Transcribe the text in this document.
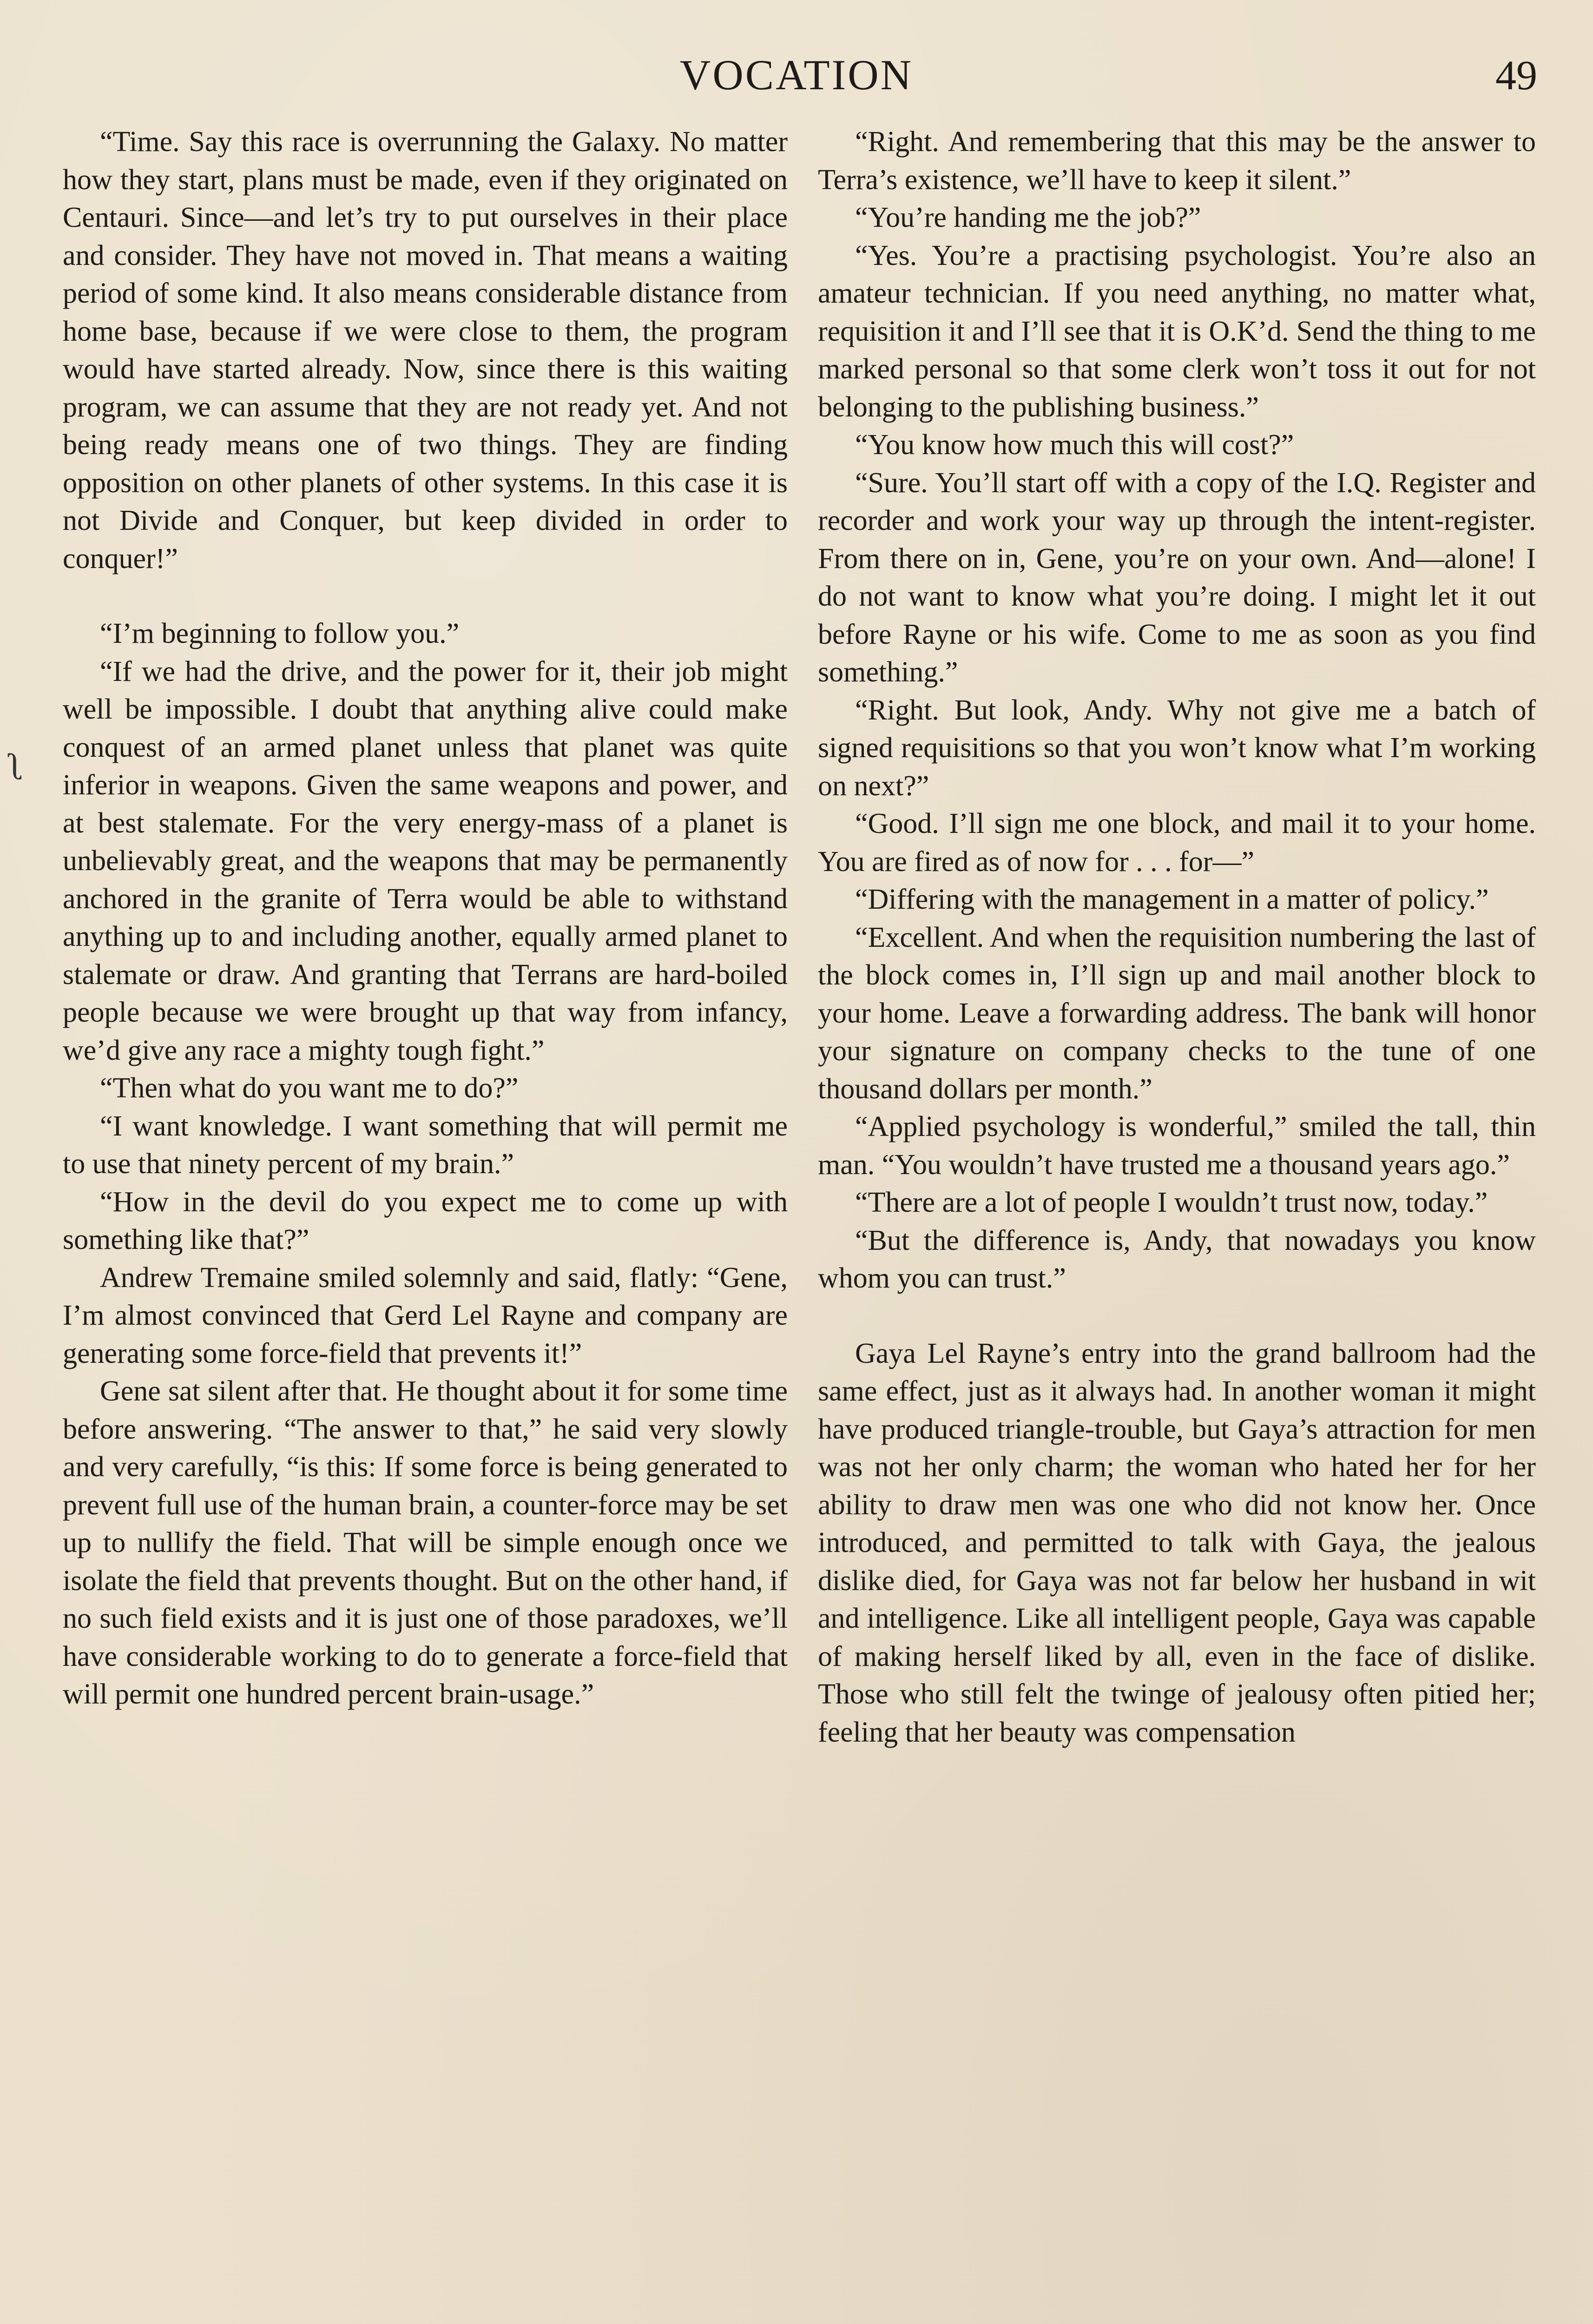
VOCATION	49
ʅ

“Time. Say this race is overrunning the Galaxy. No matter how they start, plans must be made, even if they originated on Centauri. Since—and let’s try to put ourselves in their place and consider. They have not moved in. That means a waiting period of some kind. It also means considerable distance from home base, because if we were close to them, the program would have started already. Now, since there is this waiting program, we can assume that they are not ready yet. And not being ready means one of two things. They are finding opposition on other planets of other systems. In this case it is not Divide and Conquer, but keep divided in order to conquer!”

“I’m beginning to follow you.”

“If we had the drive, and the power for it, their job might well be impossible. I doubt that anything alive could make conquest of an armed planet unless that planet was quite inferior in weapons. Given the same weapons and power, and at best stalemate. For the very energy-mass of a planet is unbelievably great, and the weapons that may be permanently anchored in the granite of Terra would be able to withstand anything up to and including another, equally armed planet to stalemate or draw. And granting that Terrans are hard-boiled people because we were brought up that way from infancy, we’d give any race a mighty tough fight.”

“Then what do you want me to do?”

“I want knowledge. I want something that will permit me to use that ninety percent of my brain.”

“How in the devil do you expect me to come up with something like that?”

Andrew Tremaine smiled solemnly and said, flatly: “Gene, I’m almost convinced that Gerd Lel Rayne and company are generating some force-field that prevents it!”

Gene sat silent after that. He thought about it for some time before answering. “The answer to that,” he said very slowly and very carefully, “is this: If some force is being generated to prevent full use of the human brain, a counter-force may be set up to nullify the field. That will be simple enough once we isolate the field that prevents thought. But on the other hand, if no such field exists and it is just one of those paradoxes, we’ll have considerable working to do to generate a force-field that will permit one hundred percent brain-usage.”

“Right. And remembering that this may be the answer to Terra’s existence, we’ll have to keep it silent.”

“You’re handing me the job?”

“Yes. You’re a practising psychologist. You’re also an amateur technician. If you need anything, no matter what, requisition it and I’ll see that it is O.K’d. Send the thing to me marked personal so that some clerk won’t toss it out for not belonging to the publishing business.”

“You know how much this will cost?”

“Sure. You’ll start off with a copy of the I.Q. Register and recorder and work your way up through the intent-register. From there on in, Gene, you’re on your own. And—alone! I do not want to know what you’re doing. I might let it out before Rayne or his wife. Come to me as soon as you find something.”

“Right. But look, Andy. Why not give me a batch of signed requisitions so that you won’t know what I’m working on next?”

“Good. I’ll sign me one block, and mail it to your home. You are fired as of now for . . . for—”

“Differing with the management in a matter of policy.”

“Excellent. And when the requisition numbering the last of the block comes in, I’ll sign up and mail another block to your home. Leave a forwarding address. The bank will honor your signature on company checks to the tune of one thousand dollars per month.”

“Applied psychology is wonderful,” smiled the tall, thin man. “You wouldn’t have trusted me a thousand years ago.”

“There are a lot of people I wouldn’t trust now, today.”

“But the difference is, Andy, that nowadays you know whom you can trust.”

Gaya Lel Rayne’s entry into the grand ballroom had the same effect, just as it always had. In another woman it might have produced triangle-trouble, but Gaya’s attraction for men was not her only charm; the woman who hated her for her ability to draw men was one who did not know her. Once introduced, and permitted to talk with Gaya, the jealous dislike died, for Gaya was not far below her husband in wit and intelligence. Like all intelligent people, Gaya was capable of making herself liked by all, even in the face of dislike. Those who still felt the twinge of jealousy often pitied her; feeling that her beauty was compensation
